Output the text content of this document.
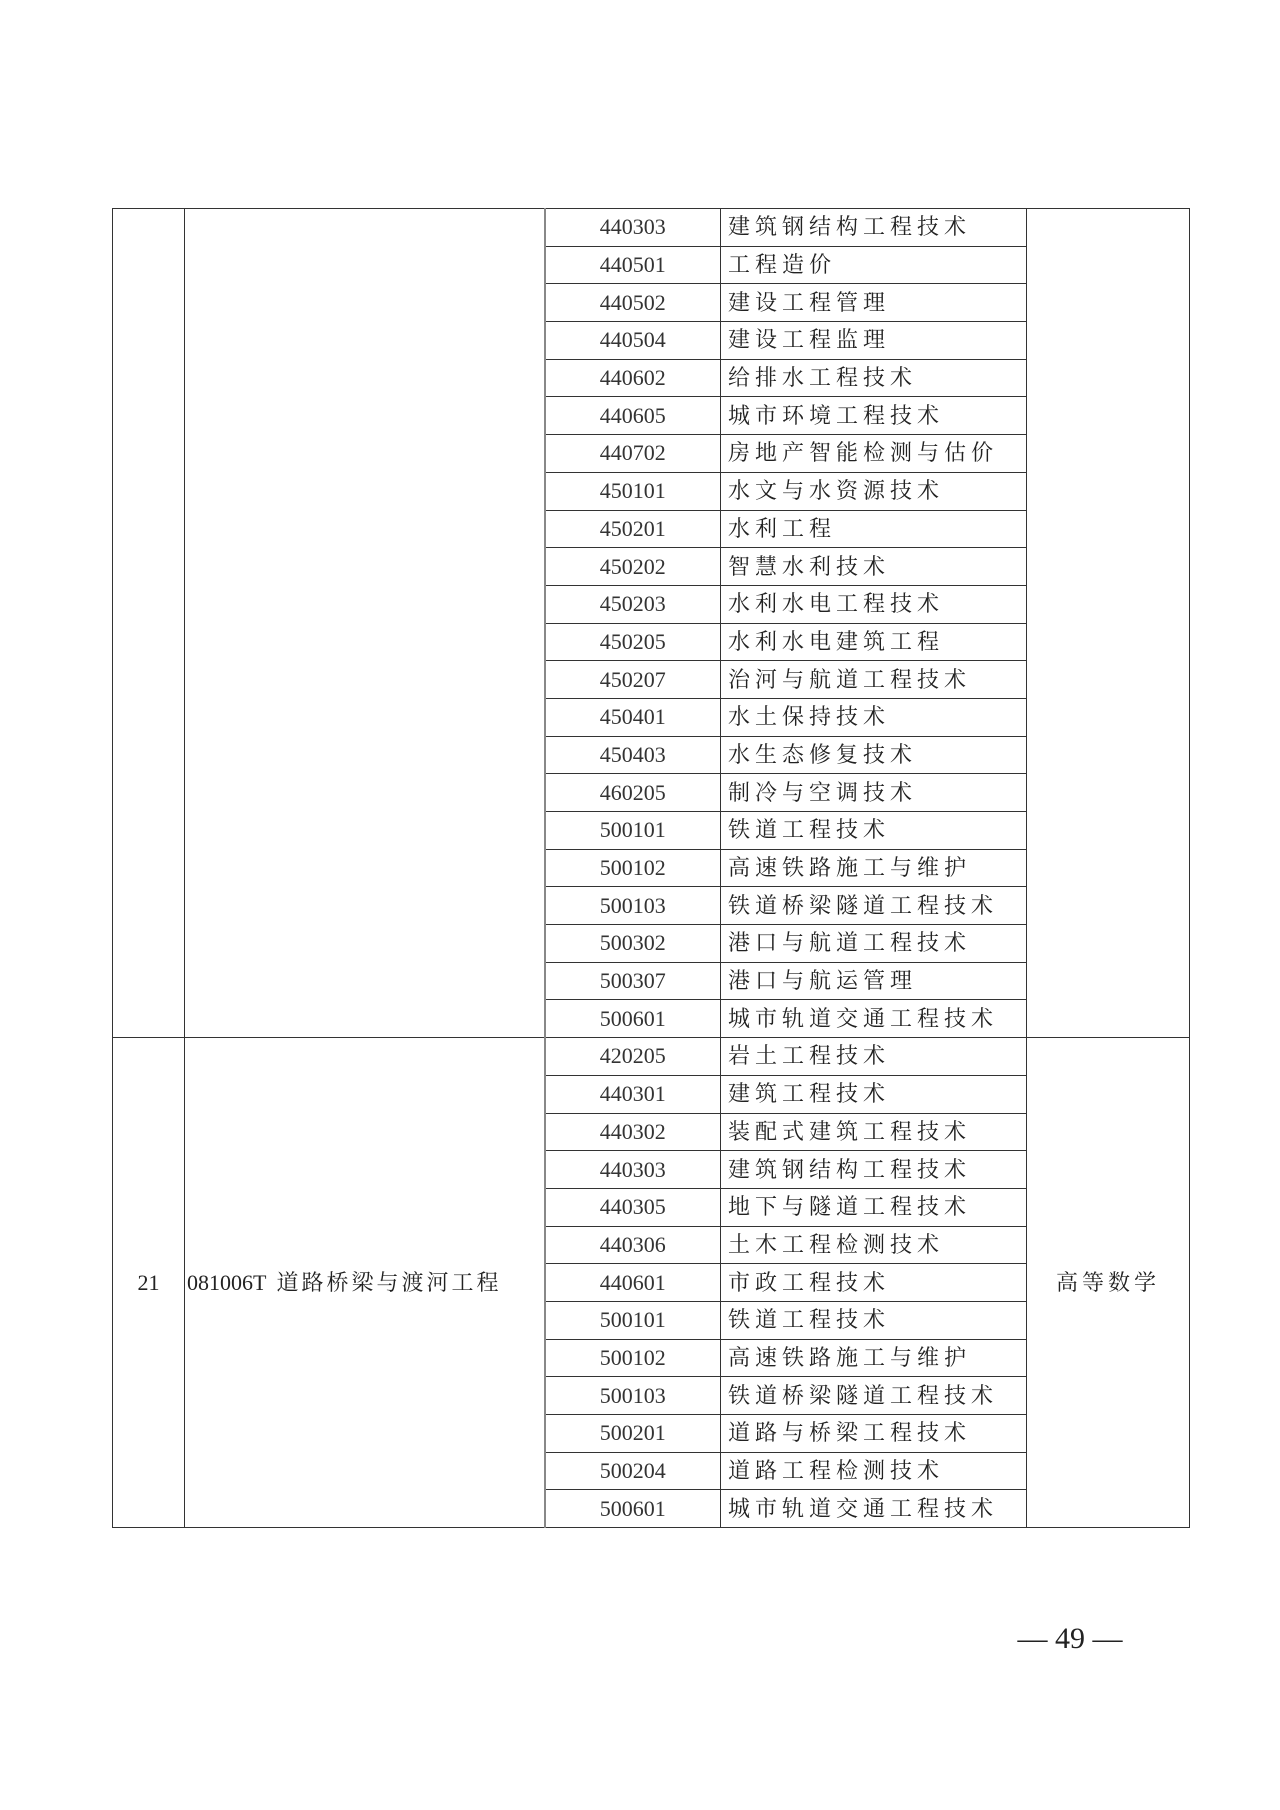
		440303	建筑钢结构工程技术	
		440501	工程造价	
		440502	建设工程管理	
		440504	建设工程监理	
		440602	给排水工程技术	
		440605	城市环境工程技术	
		440702	房地产智能检测与估价	
		450101	水文与水资源技术	
		450201	水利工程	
		450202	智慧水利技术	
		450203	水利水电工程技术	
		450205	水利水电建筑工程	
		450207	治河与航道工程技术	
		450401	水土保持技术	
		450403	水生态修复技术	
		460205	制冷与空调技术	
		500101	铁道工程技术	
		500102	高速铁路施工与维护	
		500103	铁道桥梁隧道工程技术	
		500302	港口与航道工程技术	
		500307	港口与航运管理	
		500601	城市轨道交通工程技术	
21	081006T 道路桥梁与渡河工程	420205	岩土工程技术	高等数学
		440301	建筑工程技术	
		440302	装配式建筑工程技术	
		440303	建筑钢结构工程技术	
		440305	地下与隧道工程技术	
		440306	土木工程检测技术	
		440601	市政工程技术	
		500101	铁道工程技术	
		500102	高速铁路施工与维护	
		500103	铁道桥梁隧道工程技术	
		500201	道路与桥梁工程技术	
		500204	道路工程检测技术	
		500601	城市轨道交通工程技术	
— 49 —
